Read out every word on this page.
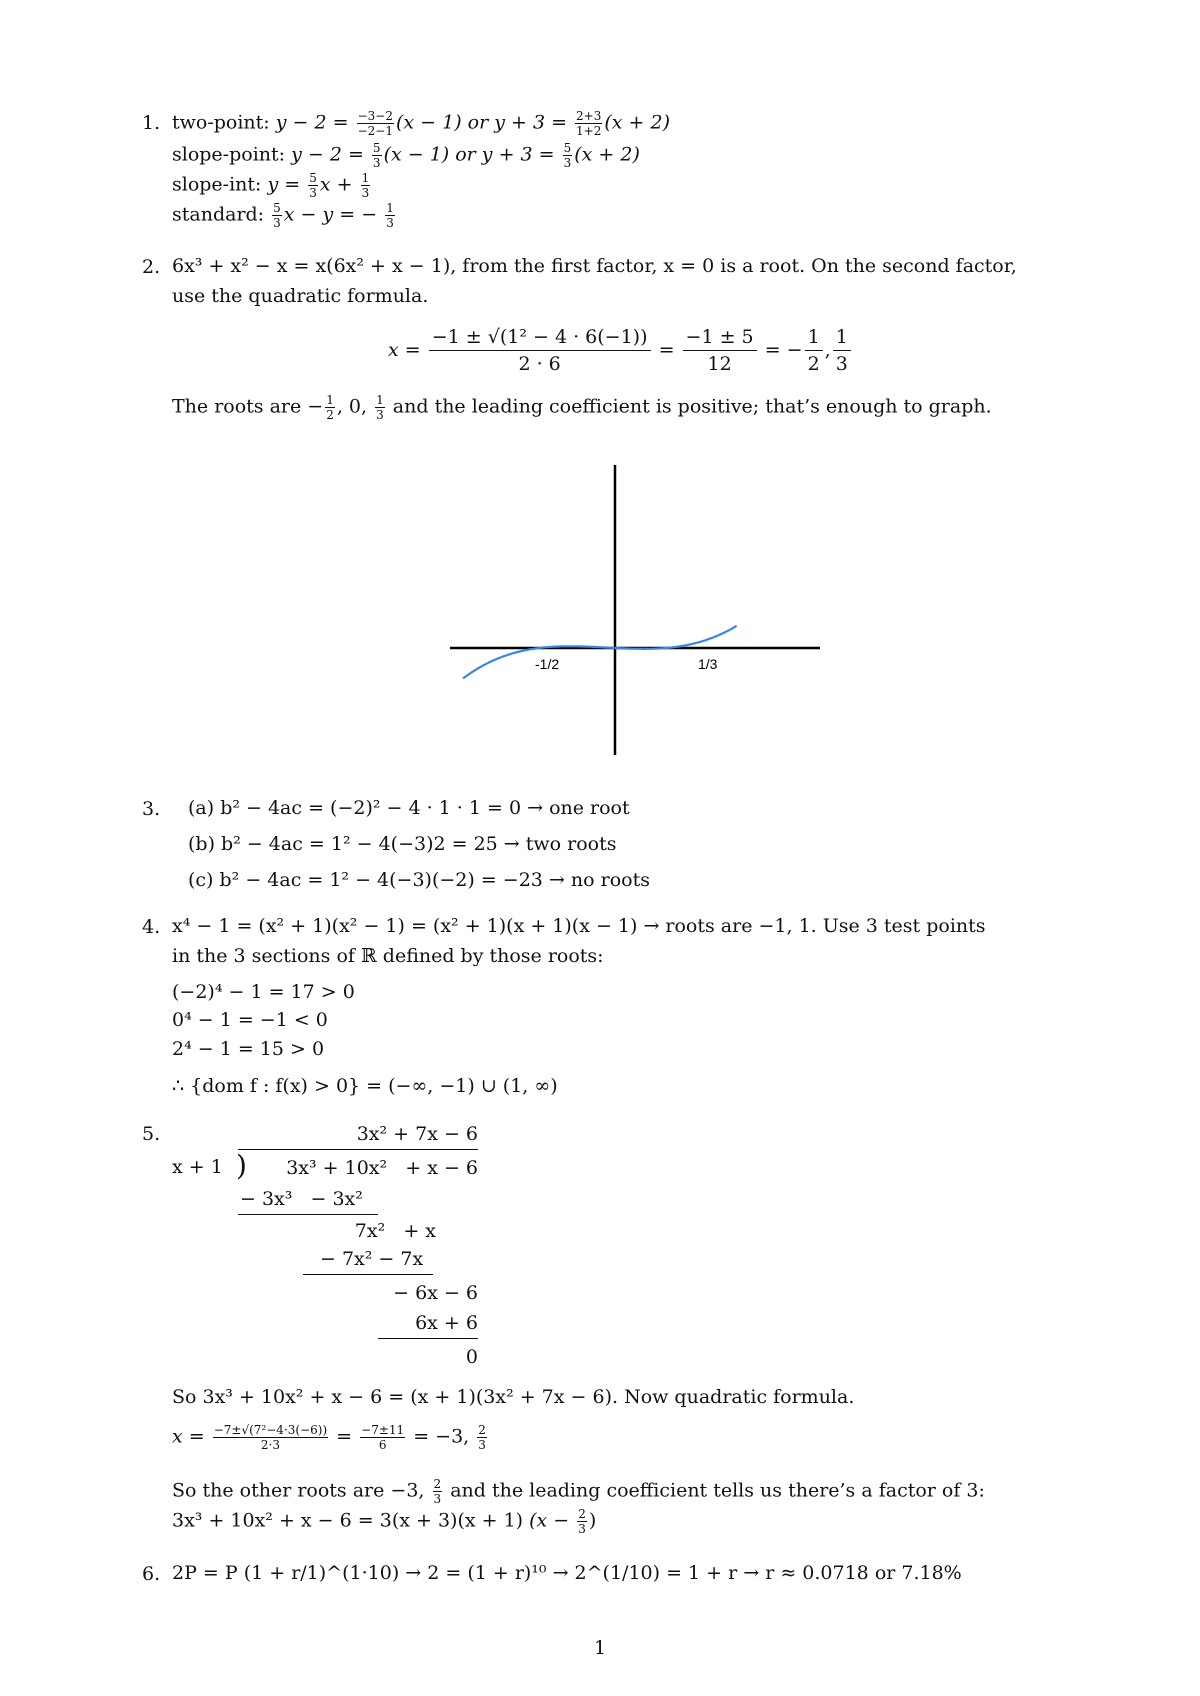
1. two-point: $y - 2 = \frac{-3-2}{-2-1} (x - 1)$ or $y + 3 = \frac{2+3}{1+2} (x + 2)$
slope-point: $y - 2 = \frac{5}{3} (x - 1)$ or $y + 3 = \frac{5}{3} (x + 2)$
slope-int: $y = \frac{5}{3}$ $x + \frac{1}{3}$
standard: $\frac{5}{3}$ x − y = − $\frac{1}{3}$
2. 6x³ + x² − x = x(6x² + x − 1), from the first factor, x = 0 is a root. On the second factor,
use the quadratic formula.
$x = \frac{\text{−1 ± √(1² − 4 · 6(−1))}}{2 \cdot 6} = \frac{-1 \pm 5}{12}$ = − $\frac{1}{2}$ , $\frac{1}{3}$
The roots are − $\frac{1}{2}$ , 0, $\frac{1}{3}$ and the leading coefficient is positive; that’s enough to graph.
-1/2	1/3
3. (a) b² − 4ac = (−2)² − 4 · 1 · 1 = 0 → one root
(b) b² − 4ac = 1² − 4(−3)2 = 25 → two roots
(c) b² − 4ac = 1² − 4(−3)(−2) = −23 → no roots
4. x⁴ − 1 = (x² + 1)(x² − 1) = (x² + 1)(x + 1)(x − 1) → roots are −1, 1. Use 3 test points
in the 3 sections of ℝ defined by those roots:
(−2)⁴ − 1 = 17 > 0
0⁴ − 1 = −1 < 0
2⁴ − 1 = 15 > 0
∴ {dom f : f(x) > 0} = (−∞, −1) ∪ (1, ∞)
5.	3x² + 7x − 6
x + 1 ) 3x³ + 10x²   + x − 6
− 3x³   − 3x²
7x²   + x
− 7x² − 7x
− 6x − 6
6x + 6
0
So 3x³ + 10x² + x − 6 = (x + 1)(3x² + 7x − 6). Now quadratic formula.
$x = \frac{\text{−7±√(7²−4·3(−6))}}{2\cdot 3} = \frac{-7\pm 11}{6} = -3$, $\frac{2}{3}$
So the other roots are −3, $\frac{2}{3}$ and the leading coefficient tells us there’s a factor of 3:
3x³ + 10x² + x − 6 = 3(x + 3)(x + 1) ($x - \frac{2}{3}$ )
6. 2P = P (1 + r/1)^(1·10) → 2 = (1 + r)¹⁰ → 2^(1/10) = 1 + r → r ≈ 0.0718 or 7.18%
1
